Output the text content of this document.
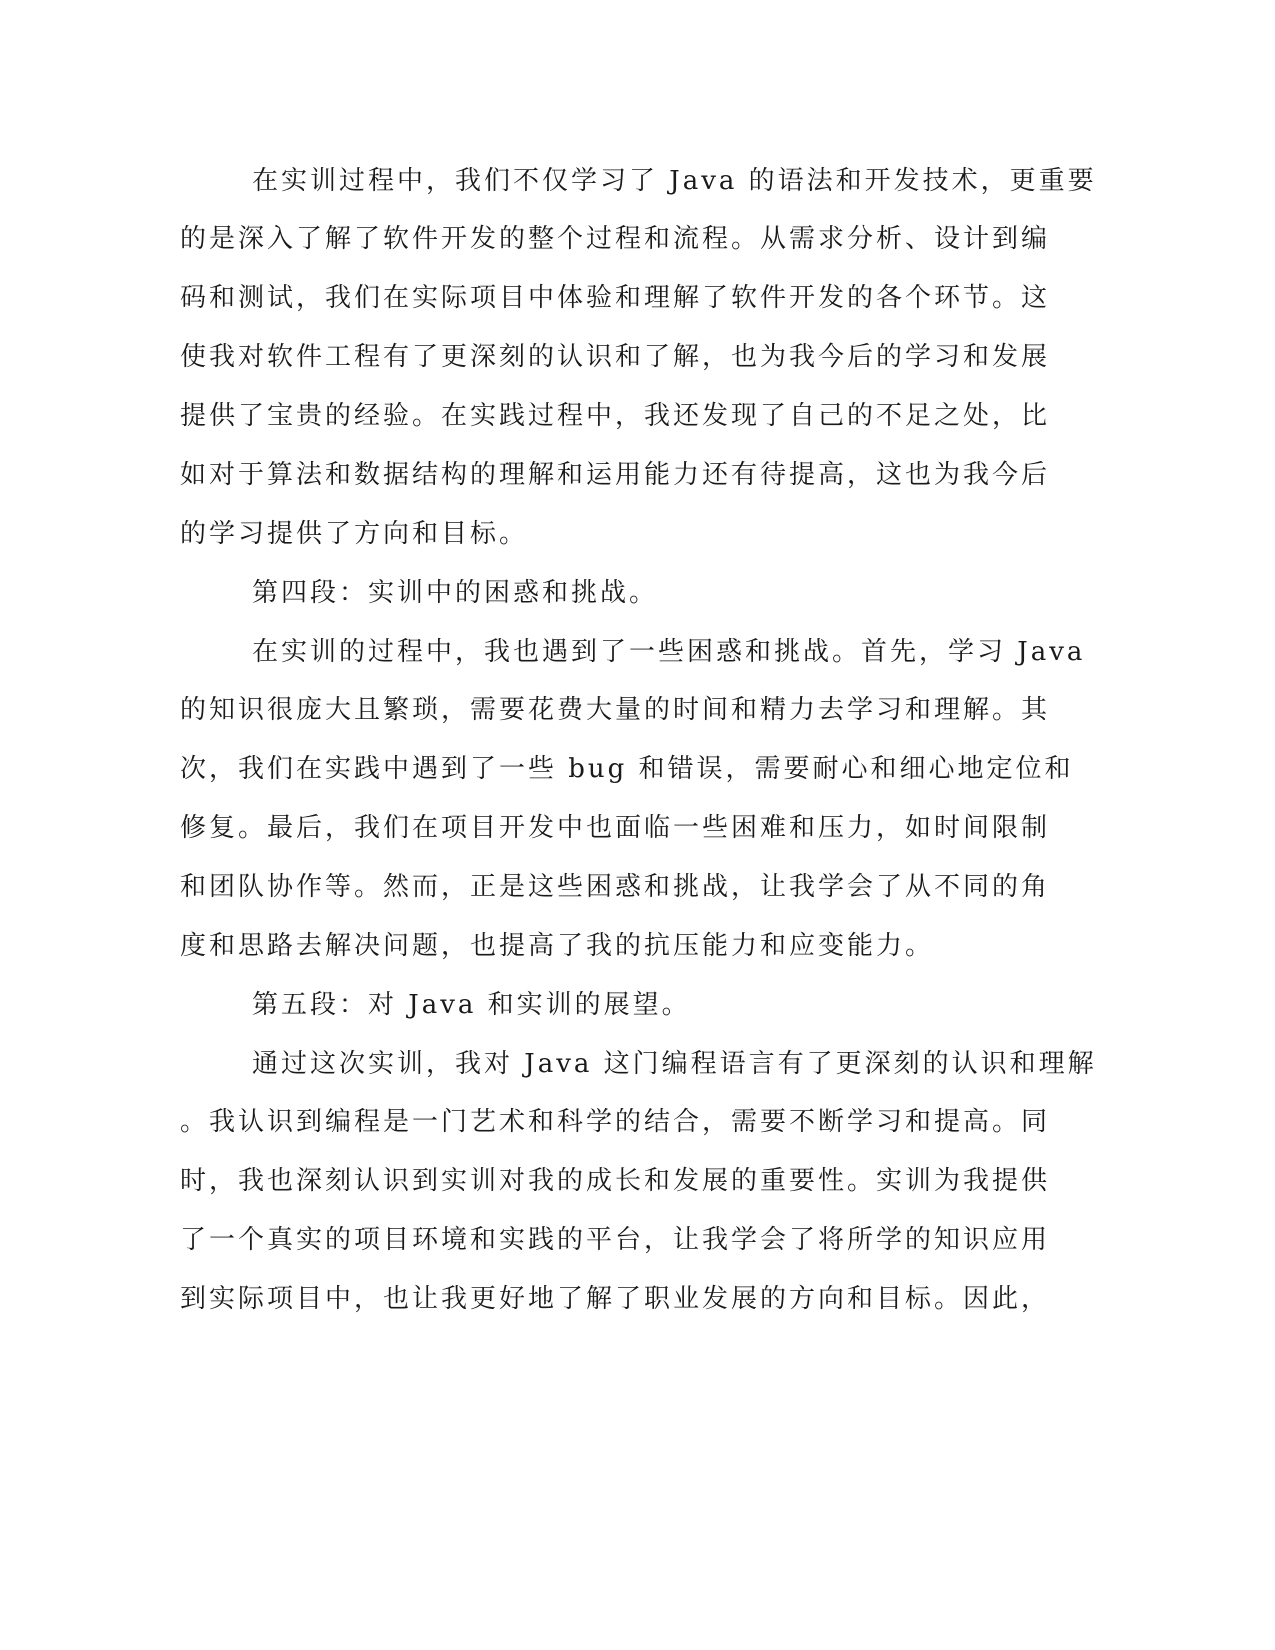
在实训过程中，我们不仅学习了 Java 的语法和开发技术，更重要
的是深入了解了软件开发的整个过程和流程。从需求分析、设计到编
码和测试，我们在实际项目中体验和理解了软件开发的各个环节。这
使我对软件工程有了更深刻的认识和了解，也为我今后的学习和发展
提供了宝贵的经验。在实践过程中，我还发现了自己的不足之处，比
如对于算法和数据结构的理解和运用能力还有待提高，这也为我今后
的学习提供了方向和目标。
第四段：实训中的困惑和挑战。
在实训的过程中，我也遇到了一些困惑和挑战。首先，学习 Java
的知识很庞大且繁琐，需要花费大量的时间和精力去学习和理解。其
次，我们在实践中遇到了一些 bug 和错误，需要耐心和细心地定位和
修复。最后，我们在项目开发中也面临一些困难和压力，如时间限制
和团队协作等。然而，正是这些困惑和挑战，让我学会了从不同的角
度和思路去解决问题，也提高了我的抗压能力和应变能力。
第五段：对 Java 和实训的展望。
通过这次实训，我对 Java 这门编程语言有了更深刻的认识和理解
。我认识到编程是一门艺术和科学的结合，需要不断学习和提高。同
时，我也深刻认识到实训对我的成长和发展的重要性。实训为我提供
了一个真实的项目环境和实践的平台，让我学会了将所学的知识应用
到实际项目中，也让我更好地了解了职业发展的方向和目标。因此，
